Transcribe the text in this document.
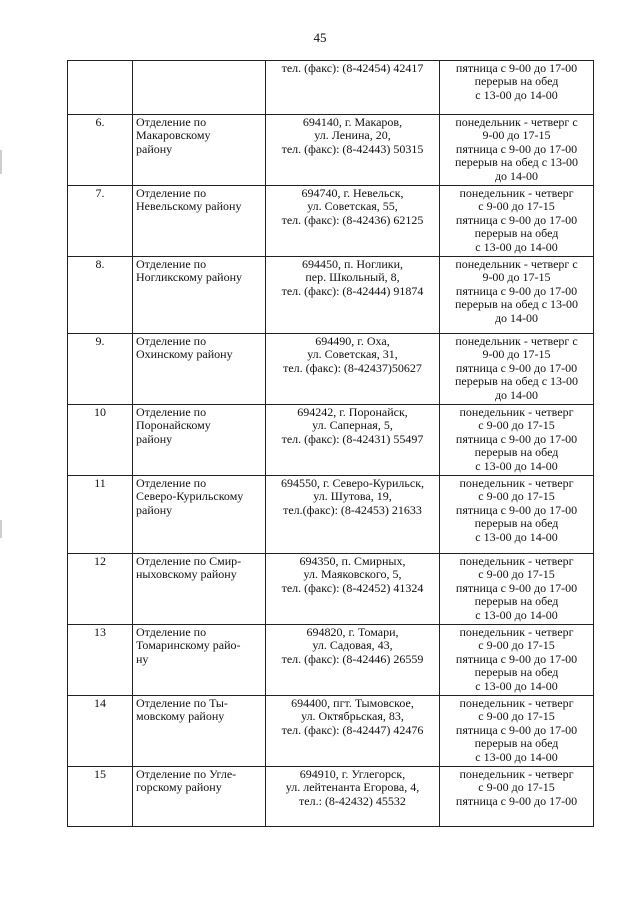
45

		тел. (факс): (8-42454) 42417	пятница с 9-00 до 17-00
перерыв на обед
с 13-00 до 14-00

6.	Отделение по
Макаровскому
району	694140, г. Макаров,
ул. Ленина, 20,
тел. (факс): (8-42443) 50315	понедельник - четверг с
9-00 до 17-15
пятница с 9-00 до 17-00
перерыв на обед с 13-00
до 14-00

7.	Отделение по
Невельскому району	694740, г. Невельск,
ул. Советская, 55,
тел. (факс): (8-42436) 62125	понедельник - четверг
с 9-00 до 17-15
пятница с 9-00 до 17-00
перерыв на обед
с 13-00 до 14-00

8.	Отделение по
Ногликскому району	694450, п. Ноглики,
пер. Школьный, 8,
тел. (факс): (8-42444) 91874	понедельник - четверг с
9-00 до 17-15
пятница с 9-00 до 17-00
перерыв на обед с 13-00
до 14-00

9.	Отделение по
Охинскому району	694490, г. Оха,
ул. Советская, 31,
тел. (факс): (8-42437)50627	понедельник - четверг с
9-00 до 17-15
пятница с 9-00 до 17-00
перерыв на обед с 13-00
до 14-00

10	Отделение по
Поронайскому
району	694242, г. Поронайск,
ул. Саперная, 5,
тел. (факс): (8-42431) 55497	понедельник - четверг
с 9-00 до 17-15
пятница с 9-00 до 17-00
перерыв на обед
с 13-00 до 14-00

11	Отделение по
Северо-Курильскому
району	694550, г. Северо-Курильск,
ул. Шутова, 19,
тел.(факс): (8-42453) 21633	понедельник - четверг
с 9-00 до 17-15
пятница с 9-00 до 17-00
перерыв на обед
с 13-00 до 14-00

12	Отделение по Смир-
ныховскому району	694350, п. Смирных,
ул. Маяковского, 5,
тел. (факс): (8-42452) 41324	понедельник - четверг
с 9-00 до 17-15
пятница с 9-00 до 17-00
перерыв на обед
с 13-00 до 14-00

13	Отделение по
Томаринскому райо-
ну	694820, г. Томари,
ул. Садовая, 43,
тел. (факс): (8-42446) 26559	понедельник - четверг
с 9-00 до 17-15
пятница с 9-00 до 17-00
перерыв на обед
с 13-00 до 14-00

14	Отделение по Ты-
мовскому району	694400, пгт. Тымовское,
ул. Октябрьская, 83,
тел. (факс): (8-42447) 42476	понедельник - четверг
с 9-00 до 17-15
пятница с 9-00 до 17-00
перерыв на обед
с 13-00 до 14-00

15	Отделение по Угле-
горскому району	694910, г. Углегорск,
ул. лейтенанта Егорова, 4,
тел.: (8-42432) 45532	понедельник - четверг
с 9-00 до 17-15
пятница с 9-00 до 17-00
